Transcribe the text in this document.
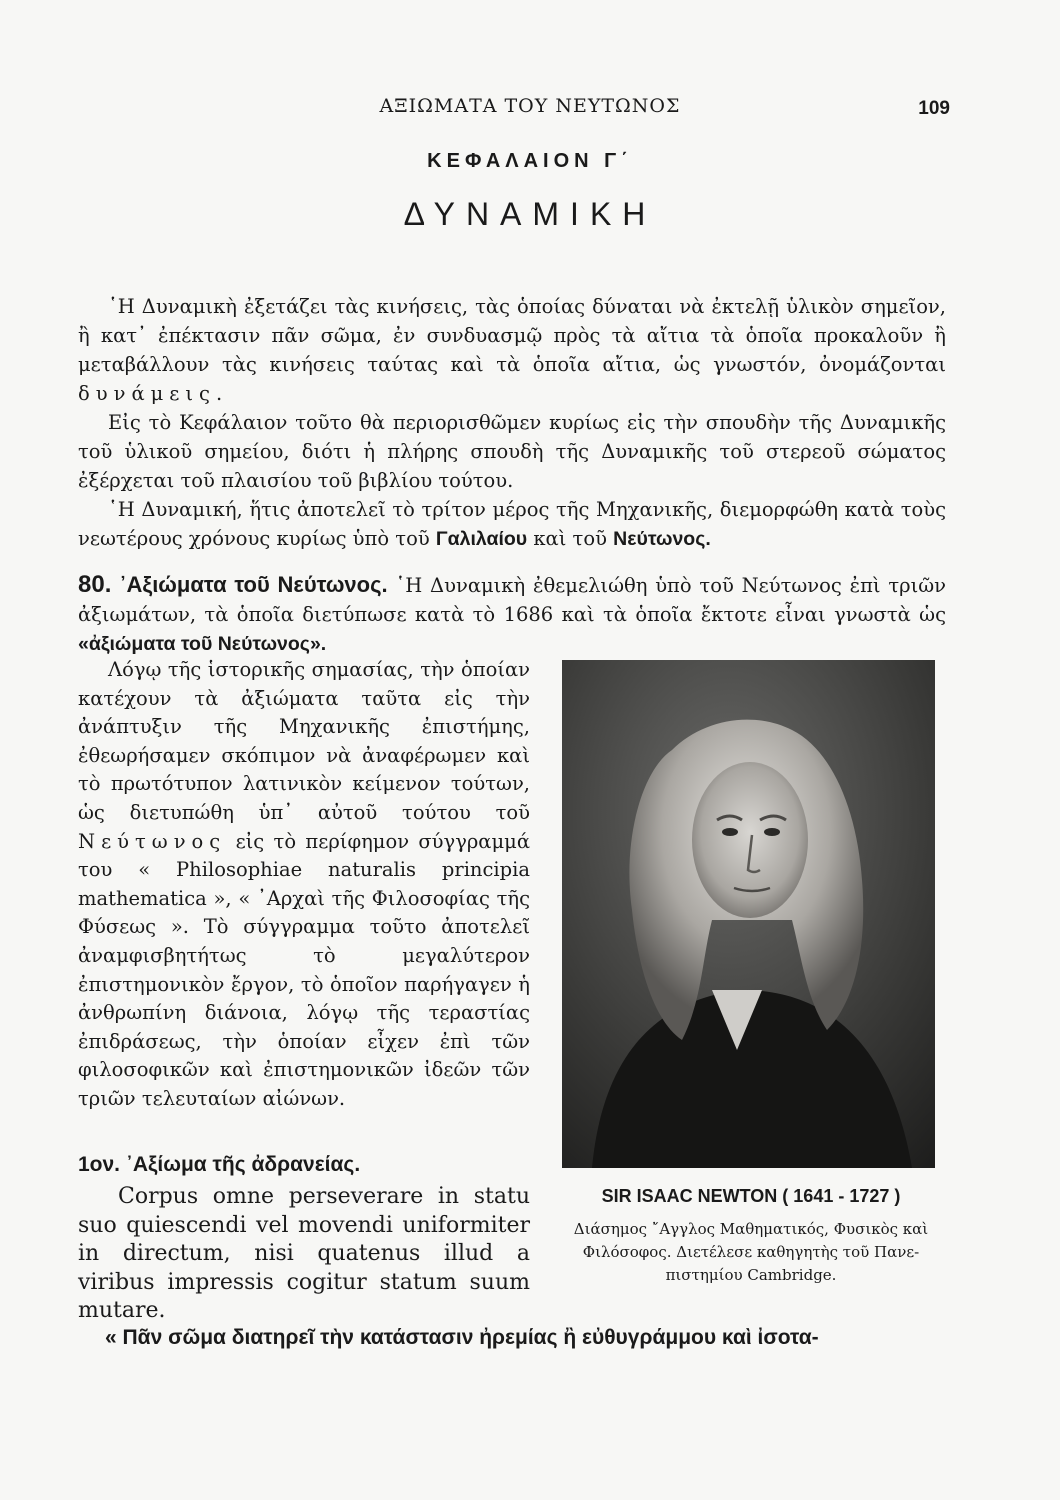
ΑΞΙΩΜΑΤΑ ΤΟΥ ΝΕΥΤΩΝΟΣ	109
ΚΕΦΑΛΑΙΟΝ Γ΄
ΔΥΝΑΜΙΚΗ

῾Η Δυναμικὴ ἐξετάζει τὰς κινήσεις, τὰς ὁποίας δύναται νὰ ἐκτελῇ ὑλικὸν σημεῖον, ἢ κατ᾿ ἐπέκτασιν πᾶν σῶμα, ἐν συνδυασμῷ πρὸς τὰ αἴτια τὰ ὁποῖα προκαλοῦν ἢ μεταβάλλουν τὰς κινήσεις ταύτας καὶ τὰ ὁποῖα αἴτια, ὡς γνωστόν, ὀνομάζονται δυνάμεις.

Εἰς τὸ Κεφάλαιον τοῦτο θὰ περιορισθῶμεν κυρίως εἰς τὴν σπουδὴν τῆς Δυναμικῆς τοῦ ὑλικοῦ σημείου, διότι ἡ πλήρης σπουδὴ τῆς Δυναμικῆς τοῦ στερεοῦ σώματος ἐξέρχεται τοῦ πλαισίου τοῦ βιβλίου τούτου.

῾Η Δυναμική, ἥτις ἀποτελεῖ τὸ τρίτον μέρος τῆς Μηχανικῆς, διεμορφώθη κατὰ τοὺς νεωτέρους χρόνους κυρίως ὑπὸ τοῦ Γαλιλαίου καὶ τοῦ Νεύτωνος.

80. ᾿Αξιώματα τοῦ Νεύτωνος. ῾Η Δυναμικὴ ἐθεμελιώθη ὑπὸ τοῦ Νεύτωνος ἐπὶ τριῶν ἀξιωμάτων, τὰ ὁποῖα διετύπωσε κατὰ τὸ 1686 καὶ τὰ ὁποῖα ἔκτοτε εἶναι γνωστὰ ὡς «ἀξιώματα τοῦ Νεύτωνος».

Λόγῳ τῆς ἱστορικῆς σημασίας, τὴν ὁποίαν κατέχουν τὰ ἀξιώματα ταῦτα εἰς τὴν ἀνάπτυξιν τῆς Μηχανικῆς ἐπιστήμης, ἐθεωρήσαμεν σκόπιμον νὰ ἀναφέρωμεν καὶ τὸ πρωτότυπον λατινικὸν κείμενον τούτων, ὡς διετυπώθη ὑπ᾿ αὐτοῦ τούτου τοῦ Νεύτωνος εἰς τὸ περίφημον σύγγραμμά του « Philosophiae naturalis principia mathematica », « ᾿Αρχαὶ τῆς Φιλοσοφίας τῆς Φύσεως ». Τὸ σύγγραμμα τοῦτο ἀποτελεῖ ἀναμφισβητήτως τὸ μεγαλύτερον ἐπιστημονικὸν ἔργον, τὸ ὁποῖον παρήγαγεν ἡ ἀνθρωπίνη διάνοια, λόγῳ τῆς τεραστίας ἐπιδράσεως, τὴν ὁποίαν εἶχεν ἐπὶ τῶν φιλοσοφικῶν καὶ ἐπιστημονικῶν ἰδεῶν τῶν τριῶν τελευταίων αἰώνων.

1ον. ᾿Αξίωμα τῆς ἀδρανείας.
Corpus omne perseverare in statu suo quiescendi vel movendi uniformiter in directum, nisi quatenus illud a viribus impressis cogitur statum suum mutare.
« Πᾶν σῶμα διατηρεῖ τὴν κατάστασιν ἠρεμίας ἢ εὐθυγράμμου καὶ ἰσοτα-
SIR ISAAC NEWTON ( 1641 - 1727 )
Διάσημος ῎Αγγλος Μαθηματικός, Φυσικὸς καὶ
Φιλόσοφος. Διετέλεσε καθηγητὴς τοῦ Πανε-
πιστημίου Cambridge.
